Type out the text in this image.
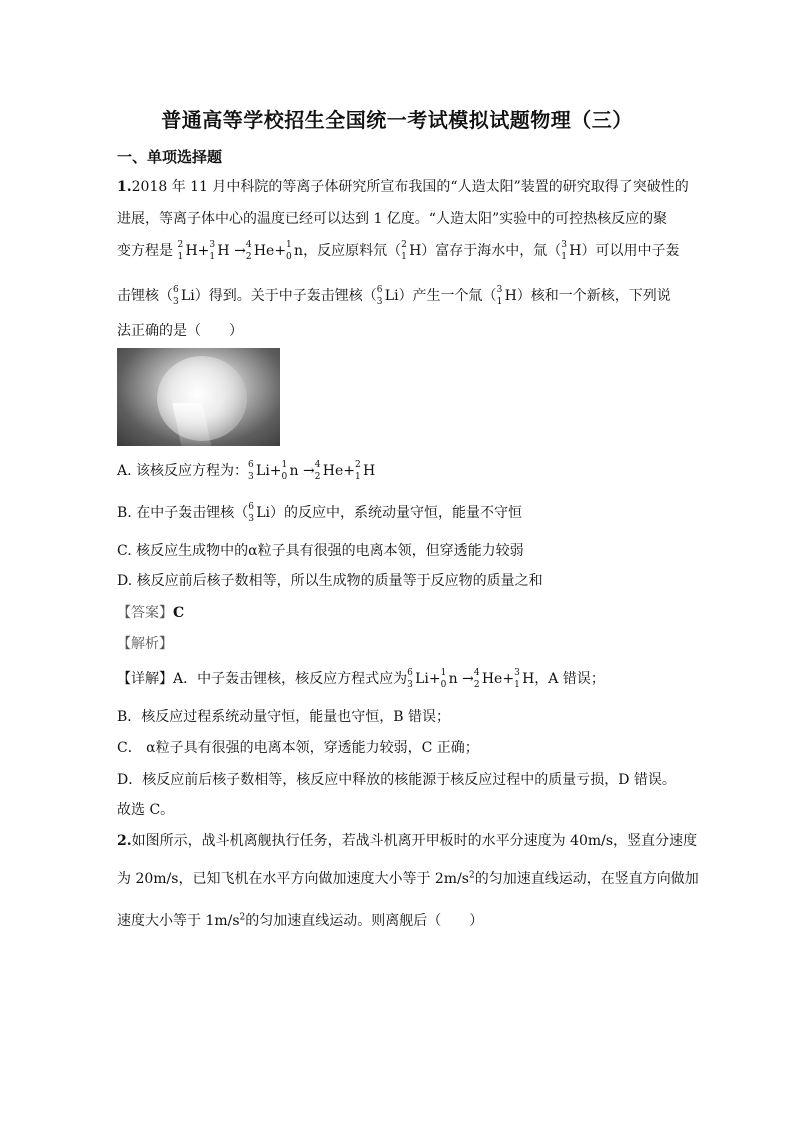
普通高等学校招生全国统一考试模拟试题物理（三）
一、单项选择题
1.2018 年 11 月中科院的等离子体研究所宣布我国的“人造太阳”装置的研究取得了突破性的
进展，等离子体中心的温度已经可以达到 1 亿度。“人造太阳”实验中的可控热核反应的聚
变方程是 2
1 H+ 3
1 H → 4
2 He+ 1
0 n，反应原料氘（ 2
1 H）富存于海水中，氚（ 3
1 H）可以用中子轰
击锂核（ 6
3 Li）得到。关于中子轰击锂核（ 6
3 Li）产生一个氚（ 3
1 H）核和一个新核，下列说
法正确的是（　　）
A. 该核反应方程为： 6
3 Li+ 1
0 n → 4
2 He+ 2
1 H
B. 在中子轰击锂核（ 6
3 Li）的反应中，系统动量守恒，能量不守恒
C. 核反应生成物中的α粒子具有很强的电离本领，但穿透能力较弱
D. 核反应前后核子数相等，所以生成物的质量等于反应物的质量之和
【答案】C
【解析】
【详解】A．中子轰击锂核，核反应方程式应为 6
3 Li+ 1
0 n → 4
2 He+ 3
1 H，A 错误；
B．核反应过程系统动量守恒，能量也守恒，B 错误；
C． α粒子具有很强的电离本领，穿透能力较弱，C 正确；
D．核反应前后核子数相等，核反应中释放的核能源于核反应过程中的质量亏损，D 错误。
故选 C。
2.如图所示，战斗机离舰执行任务，若战斗机离开甲板时的水平分速度为 40m/s，竖直分速度
为 20m/s，已知飞机在水平方向做加速度大小等于 $2m/s^2$的匀加速直线运动，在竖直方向做加
速度大小等于 $1m/s^2$的匀加速直线运动。则离舰后（　　）
